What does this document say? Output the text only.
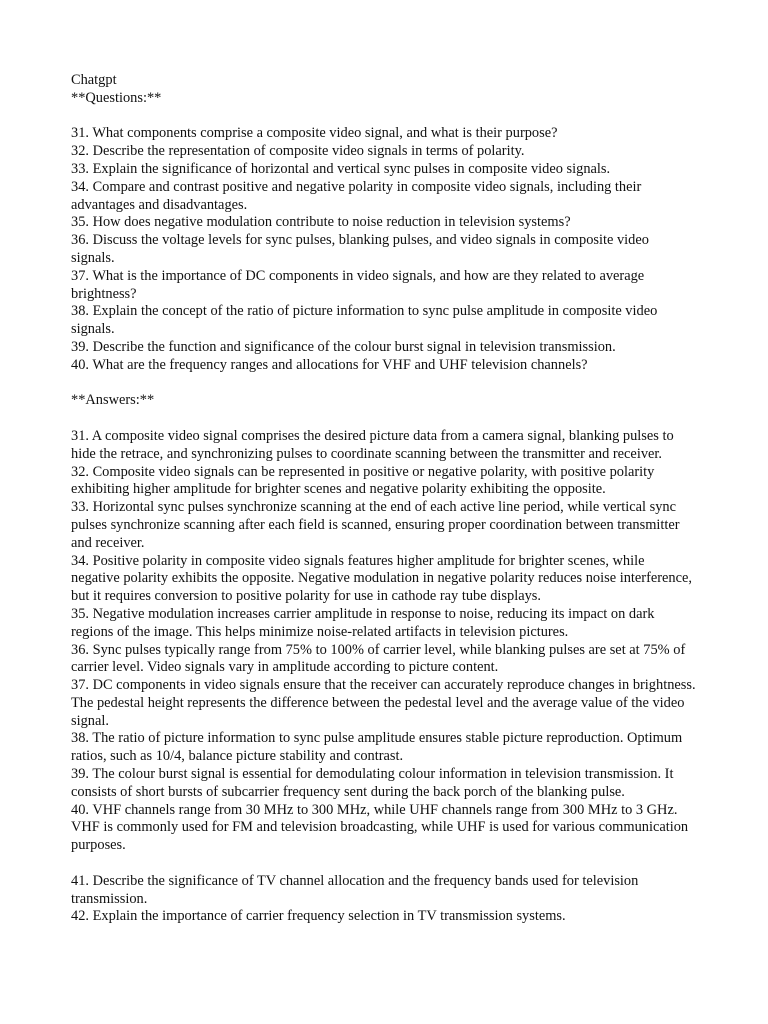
Chatgpt

**Questions:**

31. What components comprise a composite video signal, and what is their purpose?

32. Describe the representation of composite video signals in terms of polarity.

33. Explain the significance of horizontal and vertical sync pulses in composite video signals.

34. Compare and contrast positive and negative polarity in composite video signals, including their advantages and disadvantages.

35. How does negative modulation contribute to noise reduction in television systems?

36. Discuss the voltage levels for sync pulses, blanking pulses, and video signals in composite video signals.

37. What is the importance of DC components in video signals, and how are they related to average brightness?

38. Explain the concept of the ratio of picture information to sync pulse amplitude in composite video signals.

39. Describe the function and significance of the colour burst signal in television transmission.

40. What are the frequency ranges and allocations for VHF and UHF television channels?

**Answers:**

31. A composite video signal comprises the desired picture data from a camera signal, blanking pulses to hide the retrace, and synchronizing pulses to coordinate scanning between the transmitter and receiver.

32. Composite video signals can be represented in positive or negative polarity, with positive polarity exhibiting higher amplitude for brighter scenes and negative polarity exhibiting the opposite.

33. Horizontal sync pulses synchronize scanning at the end of each active line period, while vertical sync pulses synchronize scanning after each field is scanned, ensuring proper coordination between transmitter and receiver.

34. Positive polarity in composite video signals features higher amplitude for brighter scenes, while negative polarity exhibits the opposite. Negative modulation in negative polarity reduces noise interference, but it requires conversion to positive polarity for use in cathode ray tube displays.

35. Negative modulation increases carrier amplitude in response to noise, reducing its impact on dark regions of the image. This helps minimize noise-related artifacts in television pictures.

36. Sync pulses typically range from 75% to 100% of carrier level, while blanking pulses are set at 75% of carrier level. Video signals vary in amplitude according to picture content.

37. DC components in video signals ensure that the receiver can accurately reproduce changes in brightness. The pedestal height represents the difference between the pedestal level and the average value of the video signal.

38. The ratio of picture information to sync pulse amplitude ensures stable picture reproduction. Optimum ratios, such as 10/4, balance picture stability and contrast.

39. The colour burst signal is essential for demodulating colour information in television transmission. It consists of short bursts of subcarrier frequency sent during the back porch of the blanking pulse.

40. VHF channels range from 30 MHz to 300 MHz, while UHF channels range from 300 MHz to 3 GHz. VHF is commonly used for FM and television broadcasting, while UHF is used for various communication purposes.

41. Describe the significance of TV channel allocation and the frequency bands used for television transmission.

42. Explain the importance of carrier frequency selection in TV transmission systems.
